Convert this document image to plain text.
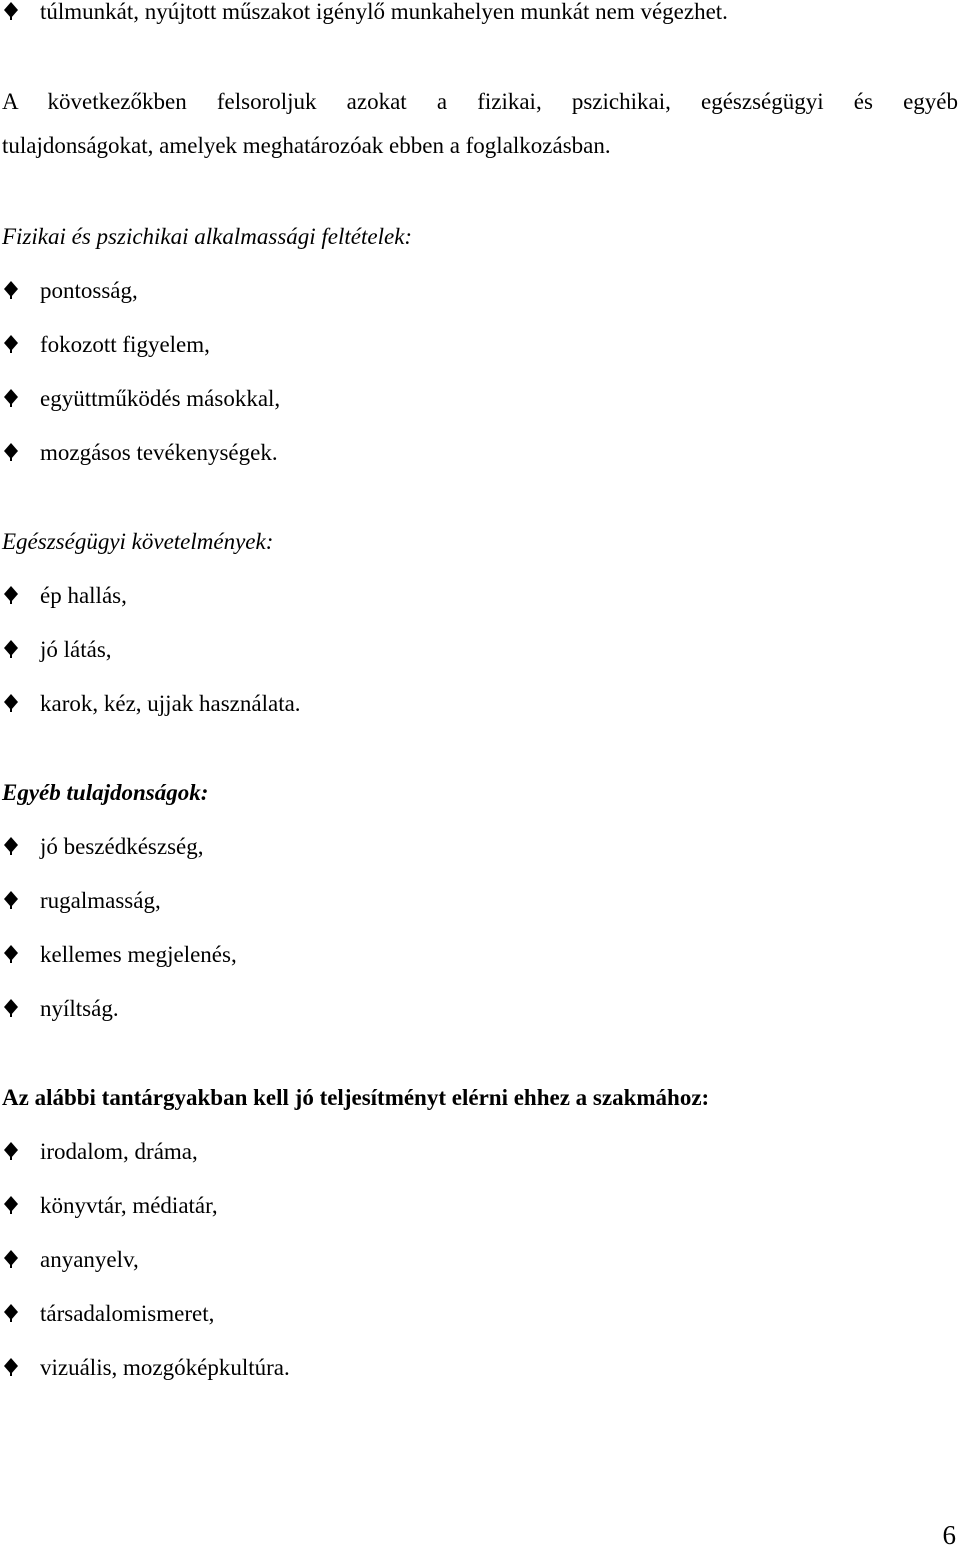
túlmunkát, nyújtott műszakot igénylő munkahelyen munkát nem végezhet.
A következőkben felsoroljuk azokat a fizikai, pszichikai, egészségügyi és egyéb
tulajdonságokat, amelyek meghatározóak ebben a foglalkozásban.
Fizikai és pszichikai alkalmassági feltételek:
pontosság,
fokozott figyelem,
együttműködés másokkal,
mozgásos tevékenységek.
Egészségügyi követelmények:
ép hallás,
jó látás,
karok, kéz, ujjak használata.
Egyéb tulajdonságok:
jó beszédkészség,
rugalmasság,
kellemes megjelenés,
nyíltság.
Az alábbi tantárgyakban kell jó teljesítményt elérni ehhez a szakmához:
irodalom, dráma,
könyvtár, médiatár,
anyanyelv,
társadalomismeret,
vizuális, mozgóképkultúra.
6
